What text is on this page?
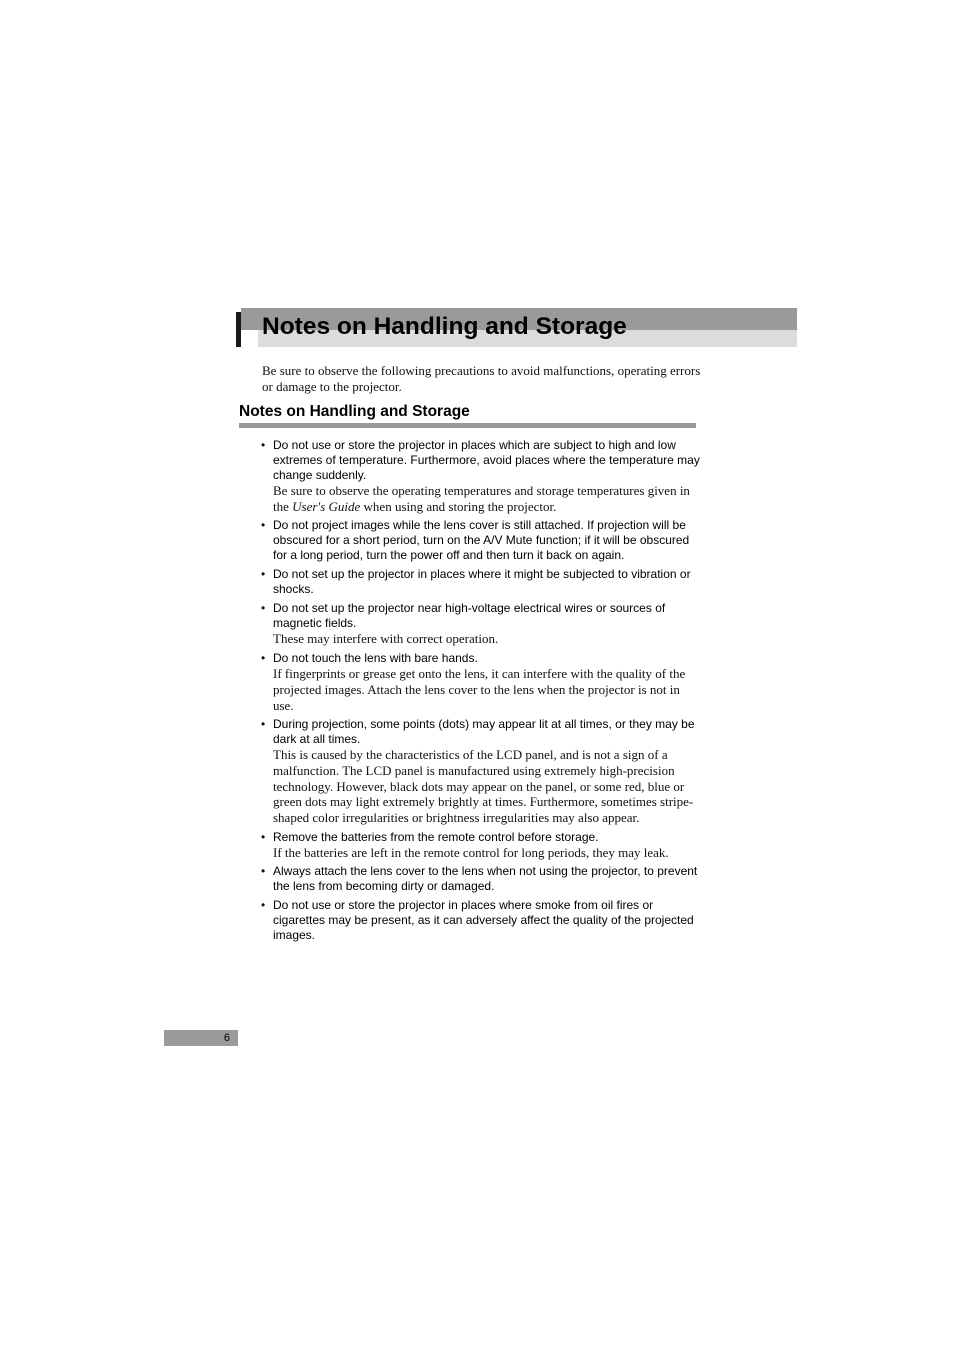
Notes on Handling and Storage

Be sure to observe the following precautions to avoid malfunctions, operating errors or damage to the projector.

Notes on Handling and Storage
• Do not use or store the projector in places which are subject to high and low extremes of temperature. Furthermore, avoid places where the temperature may change suddenly.
Be sure to observe the operating temperatures and storage temperatures given in the User's Guide when using and storing the projector.
• Do not project images while the lens cover is still attached. If projection will be obscured for a short period, turn on the A/V Mute function; if it will be obscured for a long period, turn the power off and then turn it back on again.
• Do not set up the projector in places where it might be subjected to vibration or shocks.
• Do not set up the projector near high-voltage electrical wires or sources of magnetic fields.
These may interfere with correct operation.
• Do not touch the lens with bare hands.
If fingerprints or grease get onto the lens, it can interfere with the quality of the projected images. Attach the lens cover to the lens when the projector is not in use.
• During projection, some points (dots) may appear lit at all times, or they may be dark at all times.
This is caused by the characteristics of the LCD panel, and is not a sign of a malfunction. The LCD panel is manufactured using extremely high-precision technology. However, black dots may appear on the panel, or some red, blue or green dots may light extremely brightly at times. Furthermore, sometimes stripe-shaped color irregularities or brightness irregularities may also appear.
• Remove the batteries from the remote control before storage.
If the batteries are left in the remote control for long periods, they may leak.
• Always attach the lens cover to the lens when not using the projector, to prevent the lens from becoming dirty or damaged.
• Do not use or store the projector in places where smoke from oil fires or cigarettes may be present, as it can adversely affect the quality of the projected images.
6
